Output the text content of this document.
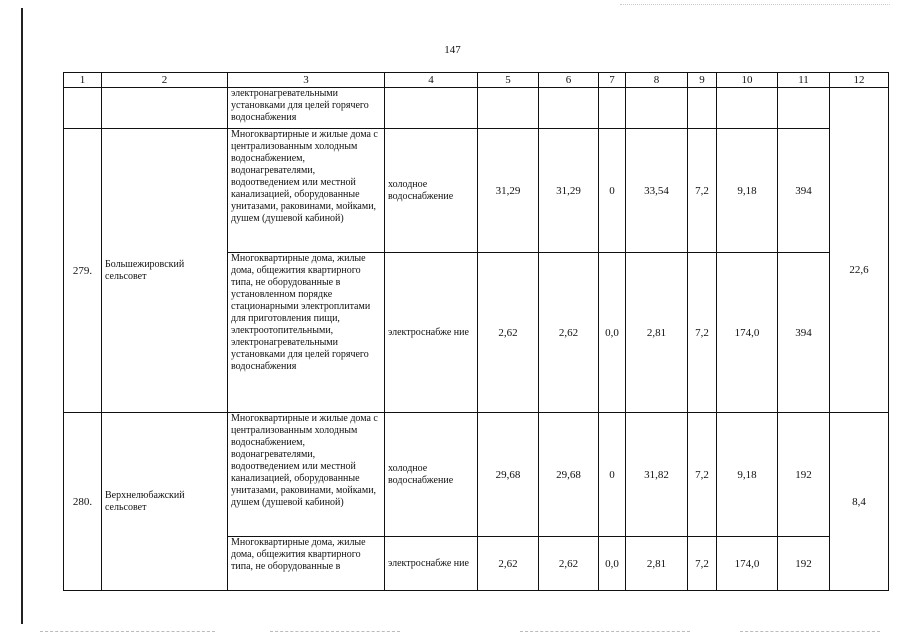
147
1	2	3	4	5	6	7	8	9	10	11	12
		электронагревательными установками для целей горячего водоснабжения									
279.	Большежировский сельсовет	Многоквартирные и жилые дома с централизованным холодным водоснабжением, водонагревателями, водоотведением или местной канализацией, оборудованные унитазами, раковинами, мойками, душем (душевой кабиной)	холодное водоснабжение	31,29	31,29	0	33,54	7,2	9,18	394	22,6
		Многоквартирные дома, жилые дома, общежития квартирного типа, не оборудованные в установленном порядке стационарными электроплитами для приготовления пищи, электроотопительными, электронагревательными установками для целей горячего водоснабжения	электроснабже ние	2,62	2,62	0,0	2,81	7,2	174,0	394	
280.	Верхнелюбажский сельсовет	Многоквартирные и жилые дома с централизованным холодным водоснабжением, водонагревателями, водоотведением или местной канализацией, оборудованные унитазами, раковинами, мойками, душем (душевой кабиной)	холодное водоснабжение	29,68	29,68	0	31,82	7,2	9,18	192	8,4
		Многоквартирные дома, жилые дома, общежития квартирного типа, не оборудованные в	электроснабже ние	2,62	2,62	0,0	2,81	7,2	174,0	192	
